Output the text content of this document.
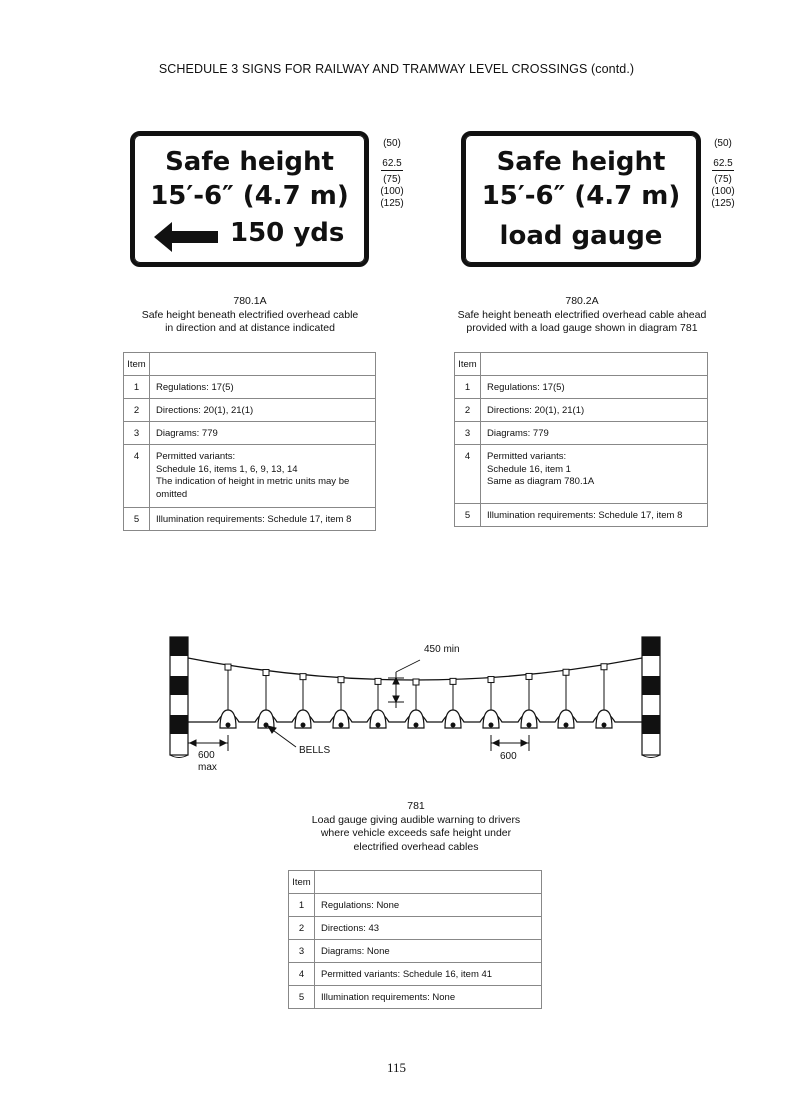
SCHEDULE 3 SIGNS FOR RAILWAY AND TRAMWAY LEVEL CROSSINGS (contd.)
Safe height
15′-6″ (4.7 m)
150 yds
(50)
62.5
(75)
(100)
(125)
Safe height
15′-6″ (4.7 m)
load gauge
(50)
62.5
(75)
(100)
(125)
780.1A
Safe height beneath electrified overhead cable
in direction and at distance indicated
780.2A
Safe height beneath electrified overhead cable ahead
provided with a load gauge shown in diagram 781
Item	
1	Regulations: 17(5)
2	Directions: 20(1), 21(1)
3	Diagrams: 779
4	Permitted variants:
Schedule 16, items 1, 6, 9, 13, 14
The indication of height in metric units may be
omitted

5	Illumination requirements: Schedule 17, item 8
Item	
1	Regulations: 17(5)
2	Directions: 20(1), 21(1)
3	Diagrams: 779
4	Permitted variants:
Schedule 16, item 1
Same as diagram 780.1A

5	Illumination requirements: Schedule 17, item 8
450 min
BELLS
600
max
600
781
Load gauge giving audible warning to drivers
where vehicle exceeds safe height under
electrified overhead cables
Item	
1	Regulations: None
2	Directions: 43
3	Diagrams: None
4	Permitted variants: Schedule 16, item 41
5	Illumination requirements: None
115
